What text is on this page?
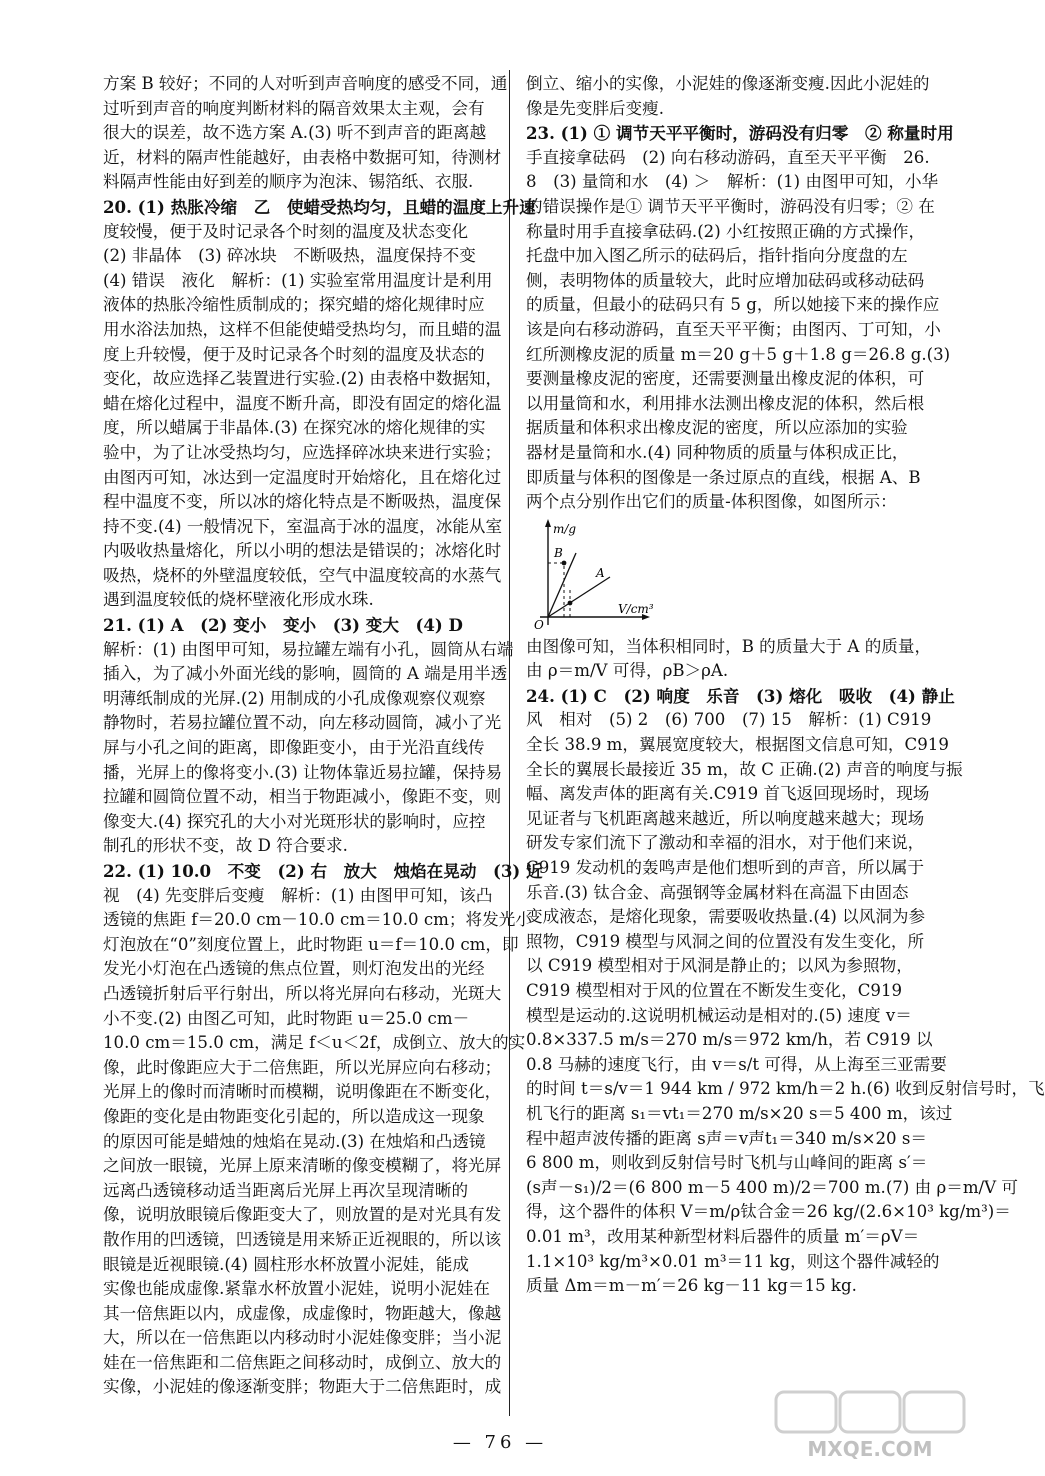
方案 B 较好；不同的人对听到声音响度的感受不同，通
过听到声音的响度判断材料的隔音效果太主观，会有
很大的误差，故不选方案 A.(3) 听不到声音的距离越
近，材料的隔声性能越好，由表格中数据可知，待测材
料隔声性能由好到差的顺序为泡沫、锡箔纸、衣服.
20. (1) 热胀冷缩　乙　使蜡受热均匀，且蜡的温度上升速
度较慢，便于及时记录各个时刻的温度及状态变化
(2) 非晶体　(3) 碎冰块　不断吸热，温度保持不变
(4) 错误　液化　解析：(1) 实验室常用温度计是利用
液体的热胀冷缩性质制成的；探究蜡的熔化规律时应
用水浴法加热，这样不但能使蜡受热均匀，而且蜡的温
度上升较慢，便于及时记录各个时刻的温度及状态的
变化，故应选择乙装置进行实验.(2) 由表格中数据知，
蜡在熔化过程中，温度不断升高，即没有固定的熔化温
度，所以蜡属于非晶体.(3) 在探究冰的熔化规律的实
验中，为了让冰受热均匀，应选择碎冰块来进行实验；
由图丙可知，冰达到一定温度时开始熔化，且在熔化过
程中温度不变，所以冰的熔化特点是不断吸热，温度保
持不变.(4) 一般情况下，室温高于冰的温度，冰能从室
内吸收热量熔化，所以小明的想法是错误的；冰熔化时
吸热，烧杯的外壁温度较低，空气中温度较高的水蒸气
遇到温度较低的烧杯壁液化形成水珠.
21. (1) A　(2) 变小　变小　(3) 变大　(4) D
解析：(1) 由图甲可知，易拉罐左端有小孔，圆筒从右端
插入，为了减小外面光线的影响，圆筒的 A 端是用半透
明薄纸制成的光屏.(2) 用制成的小孔成像观察仪观察
静物时，若易拉罐位置不动，向左移动圆筒，减小了光
屏与小孔之间的距离，即像距变小，由于光沿直线传
播，光屏上的像将变小.(3) 让物体靠近易拉罐，保持易
拉罐和圆筒位置不动，相当于物距减小，像距不变，则
像变大.(4) 探究孔的大小对光斑形状的影响时，应控
制孔的形状不变，故 D 符合要求.
22. (1) 10.0　不变　(2) 右　放大　烛焰在晃动　(3) 近
视　(4) 先变胖后变瘦　解析：(1) 由图甲可知，该凸
透镜的焦距 f＝20.0 cm－10.0 cm＝10.0 cm；将发光小
灯泡放在“0”刻度位置上，此时物距 u＝f＝10.0 cm，即
发光小灯泡在凸透镜的焦点位置，则灯泡发出的光经
凸透镜折射后平行射出，所以将光屏向右移动，光斑大
小不变.(2) 由图乙可知，此时物距 u＝25.0 cm－
10.0 cm＝15.0 cm，满足 f＜u＜2f，成倒立、放大的实
像，此时像距应大于二倍焦距，所以光屏应向右移动；
光屏上的像时而清晰时而模糊，说明像距在不断变化，
像距的变化是由物距变化引起的，所以造成这一现象
的原因可能是蜡烛的烛焰在晃动.(3) 在烛焰和凸透镜
之间放一眼镜，光屏上原来清晰的像变模糊了，将光屏
远离凸透镜移动适当距离后光屏上再次呈现清晰的
像，说明放眼镜后像距变大了，则放置的是对光具有发
散作用的凹透镜，凹透镜是用来矫正近视眼的，所以该
眼镜是近视眼镜.(4) 圆柱形水杯放置小泥娃，能成
实像也能成虚像.紧靠水杯放置小泥娃，说明小泥娃在
其一倍焦距以内，成虚像，成虚像时，物距越大，像越
大，所以在一倍焦距以内移动时小泥娃像变胖；当小泥
娃在一倍焦距和二倍焦距之间移动时，成倒立、放大的
实像，小泥娃的像逐渐变胖；物距大于二倍焦距时，成
倒立、缩小的实像，小泥娃的像逐渐变瘦.因此小泥娃的
像是先变胖后变瘦.
23. (1) ① 调节天平平衡时，游码没有归零　② 称量时用
手直接拿砝码　(2) 向右移动游码，直至天平平衡　26.
8　(3) 量筒和水　(4) ＞　解析：(1) 由图甲可知，小华
的错误操作是① 调节天平平衡时，游码没有归零；② 在
称量时用手直接拿砝码.(2) 小红按照正确的方式操作，
托盘中加入图乙所示的砝码后，指针指向分度盘的左
侧，表明物体的质量较大，此时应增加砝码或移动砝码
的质量，但最小的砝码只有 5 g，所以她接下来的操作应
该是向右移动游码，直至天平平衡；由图丙、丁可知，小
红所测橡皮泥的质量 m＝20 g＋5 g＋1.8 g＝26.8 g.(3)
要测量橡皮泥的密度，还需要测量出橡皮泥的体积，可
以用量筒和水，利用排水法测出橡皮泥的体积，然后根
据质量和体积求出橡皮泥的密度，所以应添加的实验
器材是量筒和水.(4) 同种物质的质量与体积成正比，
即质量与体积的图像是一条过原点的直线，根据 A、B
两个点分别作出它们的质量-体积图像，如图所示：
m/g
V/cm³
O
B
A
由图像可知，当体积相同时，B 的质量大于 A 的质量，
由 ρ＝m/V 可得，ρB＞ρA.
24. (1) C　(2) 响度　乐音　(3) 熔化　吸收　(4) 静止
风　相对　(5) 2　(6) 700　(7) 15　解析：(1) C919
全长 38.9 m，翼展宽度较大，根据图文信息可知，C919
全长的翼展长最接近 35 m，故 C 正确.(2) 声音的响度与振
幅、离发声体的距离有关.C919 首飞返回现场时，现场
见证者与飞机距离越来越近，所以响度越来越大；现场
研发专家们流下了激动和幸福的泪水，对于他们来说，
C919 发动机的轰鸣声是他们想听到的声音，所以属于
乐音.(3) 钛合金、高强钢等金属材料在高温下由固态
变成液态，是熔化现象，需要吸收热量.(4) 以风洞为参
照物，C919 模型与风洞之间的位置没有发生变化，所
以 C919 模型相对于风洞是静止的；以风为参照物，
C919 模型相对于风的位置在不断发生变化，C919
模型是运动的.这说明机械运动是相对的.(5) 速度 v＝
0.8×337.5 m/s＝270 m/s＝972 km/h，若 C919 以
0.8 马赫的速度飞行，由 v＝s/t 可得，从上海至三亚需要
的时间 t＝s/v＝1 944 km / 972 km/h＝2 h.(6) 收到反射信号时，飞
机飞行的距离 s₁＝vt₁＝270 m/s×20 s＝5 400 m，该过
程中超声波传播的距离 s声＝v声t₁＝340 m/s×20 s＝
6 800 m，则收到反射信号时飞机与山峰间的距离 s′＝
(s声－s₁)/2＝(6 800 m－5 400 m)/2＝700 m.(7) 由 ρ＝m/V 可
得，这个器件的体积 V＝m/ρ钛合金＝26 kg/(2.6×10³ kg/m³)＝
0.01 m³，改用某种新型材料后器件的质量 m′＝ρV＝
1.1×10³ kg/m³×0.01 m³＝11 kg，则这个器件减轻的
质量 Δm＝m－m′＝26 kg－11 kg＝15 kg.
— 76 —	MXQE.COM
